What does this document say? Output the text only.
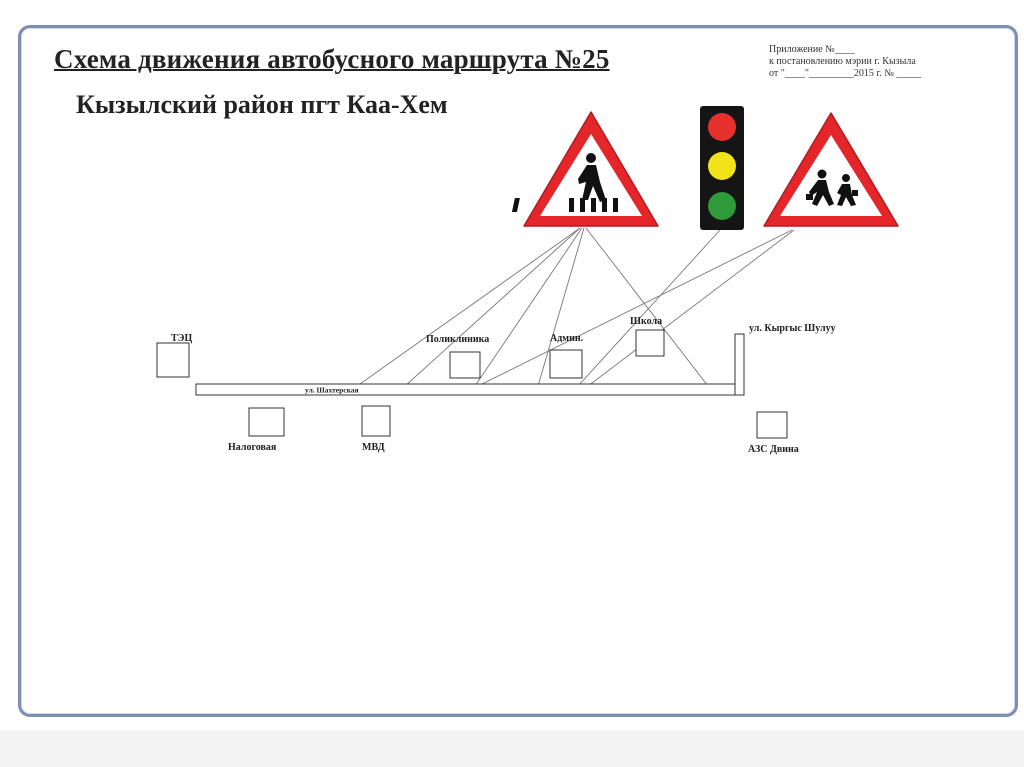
Схема движения автобусного маршрута №25
Кызылский район пгт Каа-Хем
Приложение №____
к постановлению мэрии г. Кызыла
от "____"_________2015 г. № _____
ул. Шахтерская
ул. Кыргыс Шулуу
ТЭЦ	Поликлиника	Админ.
Школа
Налоговая	МВД	АЗС Двина
